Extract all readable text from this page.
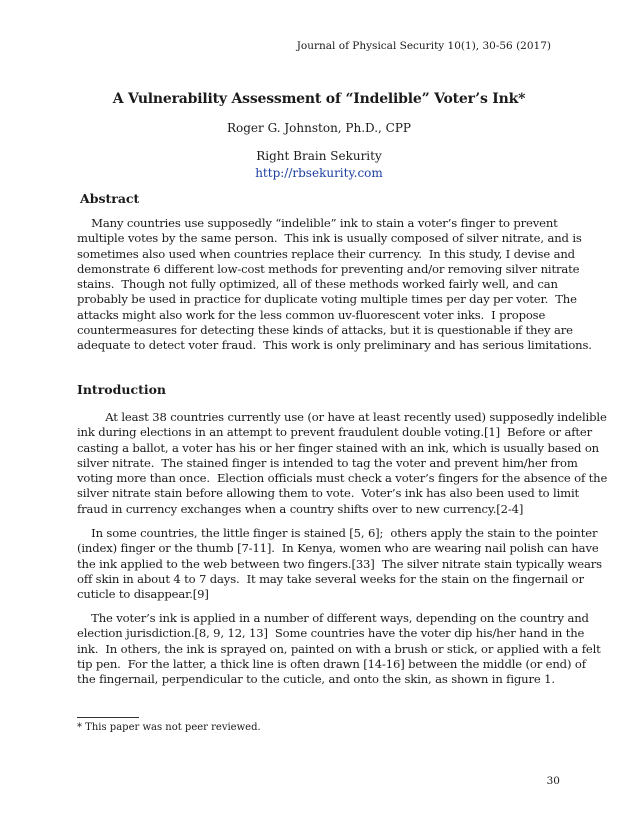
Journal of Physical Security 10(1), 30-56 (2017)
A Vulnerability Assessment of “Indelible” Voter’s Ink*
Roger G. Johnston, Ph.D., CPP
Right Brain Sekurity
http://rbsekurity.com
Abstract
Many countries use supposedly “indelible” ink to stain a voter’s finger to prevent
multiple votes by the same person.  This ink is usually composed of silver nitrate, and is
sometimes also used when countries replace their currency.  In this study, I devise and
demonstrate 6 different low-cost methods for preventing and/or removing silver nitrate
stains.  Though not fully optimized, all of these methods worked fairly well, and can
probably be used in practice for duplicate voting multiple times per day per voter.  The
attacks might also work for the less common uv-fluorescent voter inks.  I propose
countermeasures for detecting these kinds of attacks, but it is questionable if they are
adequate to detect voter fraud.  This work is only preliminary and has serious limitations.
Introduction
At least 38 countries currently use (or have at least recently used) supposedly indelible
ink during elections in an attempt to prevent fraudulent double voting.[1]  Before or after
casting a ballot, a voter has his or her finger stained with an ink, which is usually based on
silver nitrate.  The stained finger is intended to tag the voter and prevent him/her from
voting more than once.  Election officials must check a voter’s fingers for the absence of the
silver nitrate stain before allowing them to vote.  Voter’s ink has also been used to limit
fraud in currency exchanges when a country shifts over to new currency.[2-4]
In some countries, the little finger is stained [5, 6];  others apply the stain to the pointer
(index) finger or the thumb [7-11].  In Kenya, women who are wearing nail polish can have
the ink applied to the web between two fingers.[33]  The silver nitrate stain typically wears
off skin in about 4 to 7 days.  It may take several weeks for the stain on the fingernail or
cuticle to disappear.[9]
The voter’s ink is applied in a number of different ways, depending on the country and
election jurisdiction.[8, 9, 12, 13]  Some countries have the voter dip his/her hand in the
ink.  In others, the ink is sprayed on, painted on with a brush or stick, or applied with a felt
tip pen.  For the latter, a thick line is often drawn [14-16] between the middle (or end) of
the fingernail, perpendicular to the cuticle, and onto the skin, as shown in figure 1.
* This paper was not peer reviewed.
30
